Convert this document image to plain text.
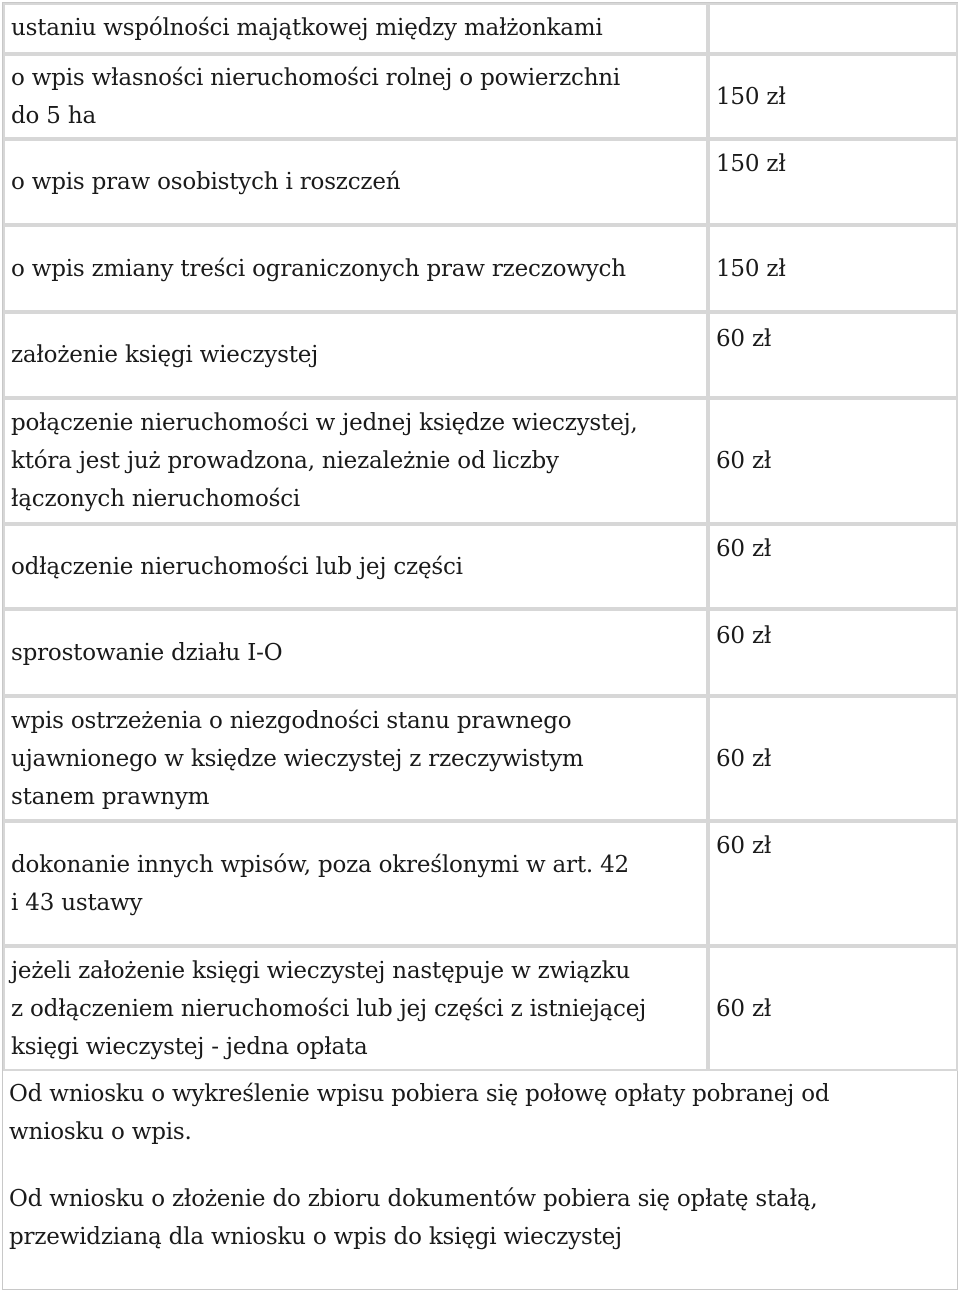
ustaniu wspólności majątkowej między małżonkami
o wpis własności nieruchomości rolnej o powierzchni
do 5 ha
150 zł
o wpis praw osobistych i roszczeń
150 zł
o wpis zmiany treści ograniczonych praw rzeczowych	150 zł
założenie księgi wieczystej
60 zł
połączenie nieruchomości w jednej księdze wieczystej,
która jest już prowadzona, niezależnie od liczby
łączonych nieruchomości
60 zł
odłączenie nieruchomości lub jej części
60 zł
sprostowanie działu I-O
60 zł
wpis ostrzeżenia o niezgodności stanu prawnego
ujawnionego w księdze wieczystej z rzeczywistym
stanem prawnym
60 zł
dokonanie innych wpisów, poza określonymi w art. 42
i 43 ustawy
60 zł
jeżeli założenie księgi wieczystej następuje w związku
z odłączeniem nieruchomości lub jej części z istniejącej
księgi wieczystej - jedna opłata
60 zł
Od wniosku o wykreślenie wpisu pobiera się połowę opłaty pobranej od
wniosku o wpis.
Od wniosku o złożenie do zbioru dokumentów pobiera się opłatę stałą,
przewidzianą dla wniosku o wpis do księgi wieczystej
